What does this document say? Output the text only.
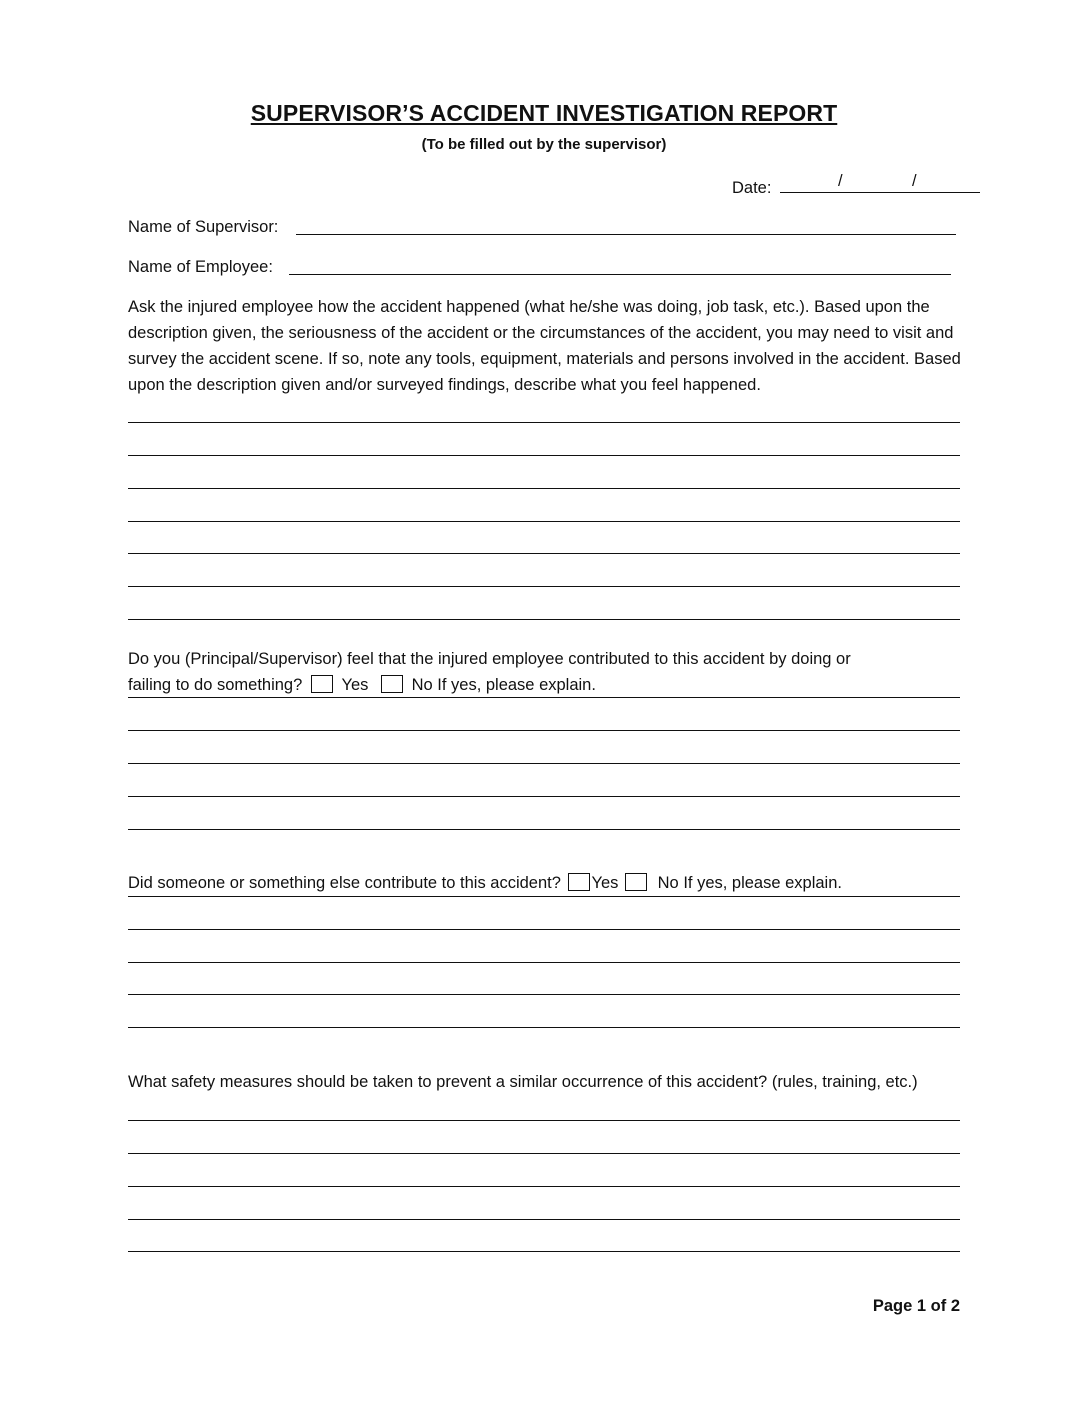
SUPERVISOR’S ACCIDENT INVESTIGATION REPORT
(To be filled out by the supervisor)
Date:	/	/
Name of Supervisor:
Name of Employee:
Ask the injured employee how the accident happened (what he/she was doing, job task, etc.). Based upon the description given, the seriousness of the accident or the circumstances of the accident, you may need to visit and survey the accident scene. If so, note any tools, equipment, materials and persons involved in the accident. Based upon the description given and/or surveyed findings, describe what you feel happened.
Do you (Principal/Supervisor) feel that the injured employee contributed to this accident by doing or
failing to do something? Yes	No If yes, please explain.
Did someone or something else contribute to this accident? Yes No If yes, please explain.
What safety measures should be taken to prevent a similar occurrence of this accident? (rules, training, etc.)
Page 1 of 2
